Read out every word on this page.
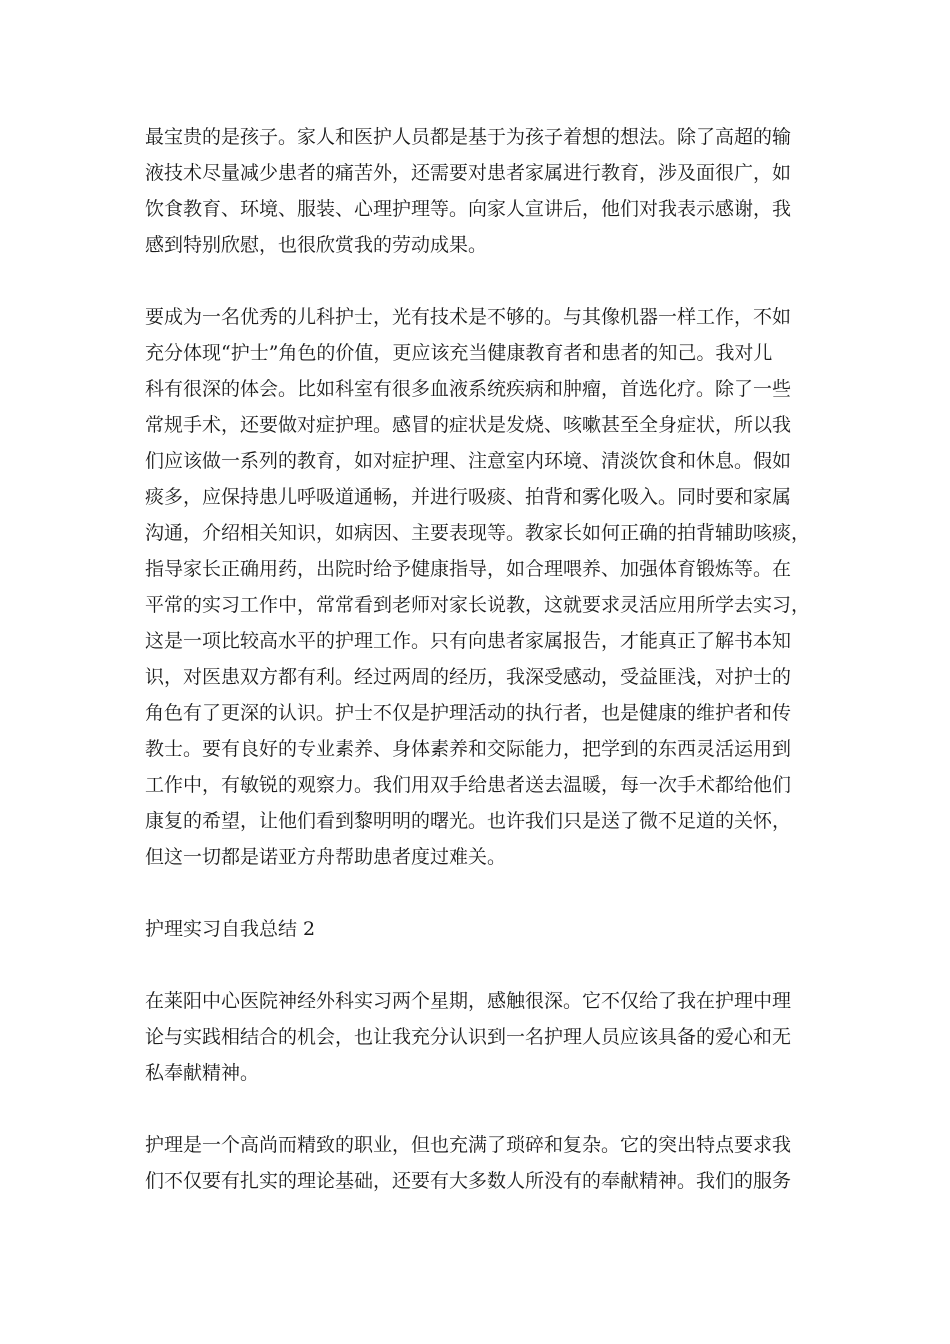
最宝贵的是孩子。家人和医护人员都是基于为孩子着想的想法。除了高超的输
液技术尽量减少患者的痛苦外，还需要对患者家属进行教育，涉及面很广，如
饮食教育、环境、服装、心理护理等。向家人宣讲后，他们对我表示感谢，我
感到特别欣慰，也很欣赏我的劳动成果。

要成为一名优秀的儿科护士，光有技术是不够的。与其像机器一样工作，不如
充分体现“护士”角色的价值，更应该充当健康教育者和患者的知己。我对儿
科有很深的体会。比如科室有很多血液系统疾病和肿瘤，首选化疗。除了一些
常规手术，还要做对症护理。感冒的症状是发烧、咳嗽甚至全身症状，所以我
们应该做一系列的教育，如对症护理、注意室内环境、清淡饮食和休息。假如
痰多，应保持患儿呼吸道通畅，并进行吸痰、拍背和雾化吸入。同时要和家属
沟通，介绍相关知识，如病因、主要表现等。教家长如何正确的拍背辅助咳痰，
指导家长正确用药，出院时给予健康指导，如合理喂养、加强体育锻炼等。在
平常的实习工作中，常常看到老师对家长说教，这就要求灵活应用所学去实习，
这是一项比较高水平的护理工作。只有向患者家属报告，才能真正了解书本知
识，对医患双方都有利。经过两周的经历，我深受感动，受益匪浅，对护士的
角色有了更深的认识。护士不仅是护理活动的执行者，也是健康的维护者和传
教士。要有良好的专业素养、身体素养和交际能力，把学到的东西灵活运用到
工作中，有敏锐的观察力。我们用双手给患者送去温暖，每一次手术都给他们
康复的希望，让他们看到黎明明的曙光。也许我们只是送了微不足道的关怀，
但这一切都是诺亚方舟帮助患者度过难关。

护理实习自我总结 2

在莱阳中心医院神经外科实习两个星期，感触很深。它不仅给了我在护理中理
论与实践相结合的机会，也让我充分认识到一名护理人员应该具备的爱心和无
私奉献精神。

护理是一个高尚而精致的职业，但也充满了琐碎和复杂。它的突出特点要求我
们不仅要有扎实的理论基础，还要有大多数人所没有的奉献精神。我们的服务
